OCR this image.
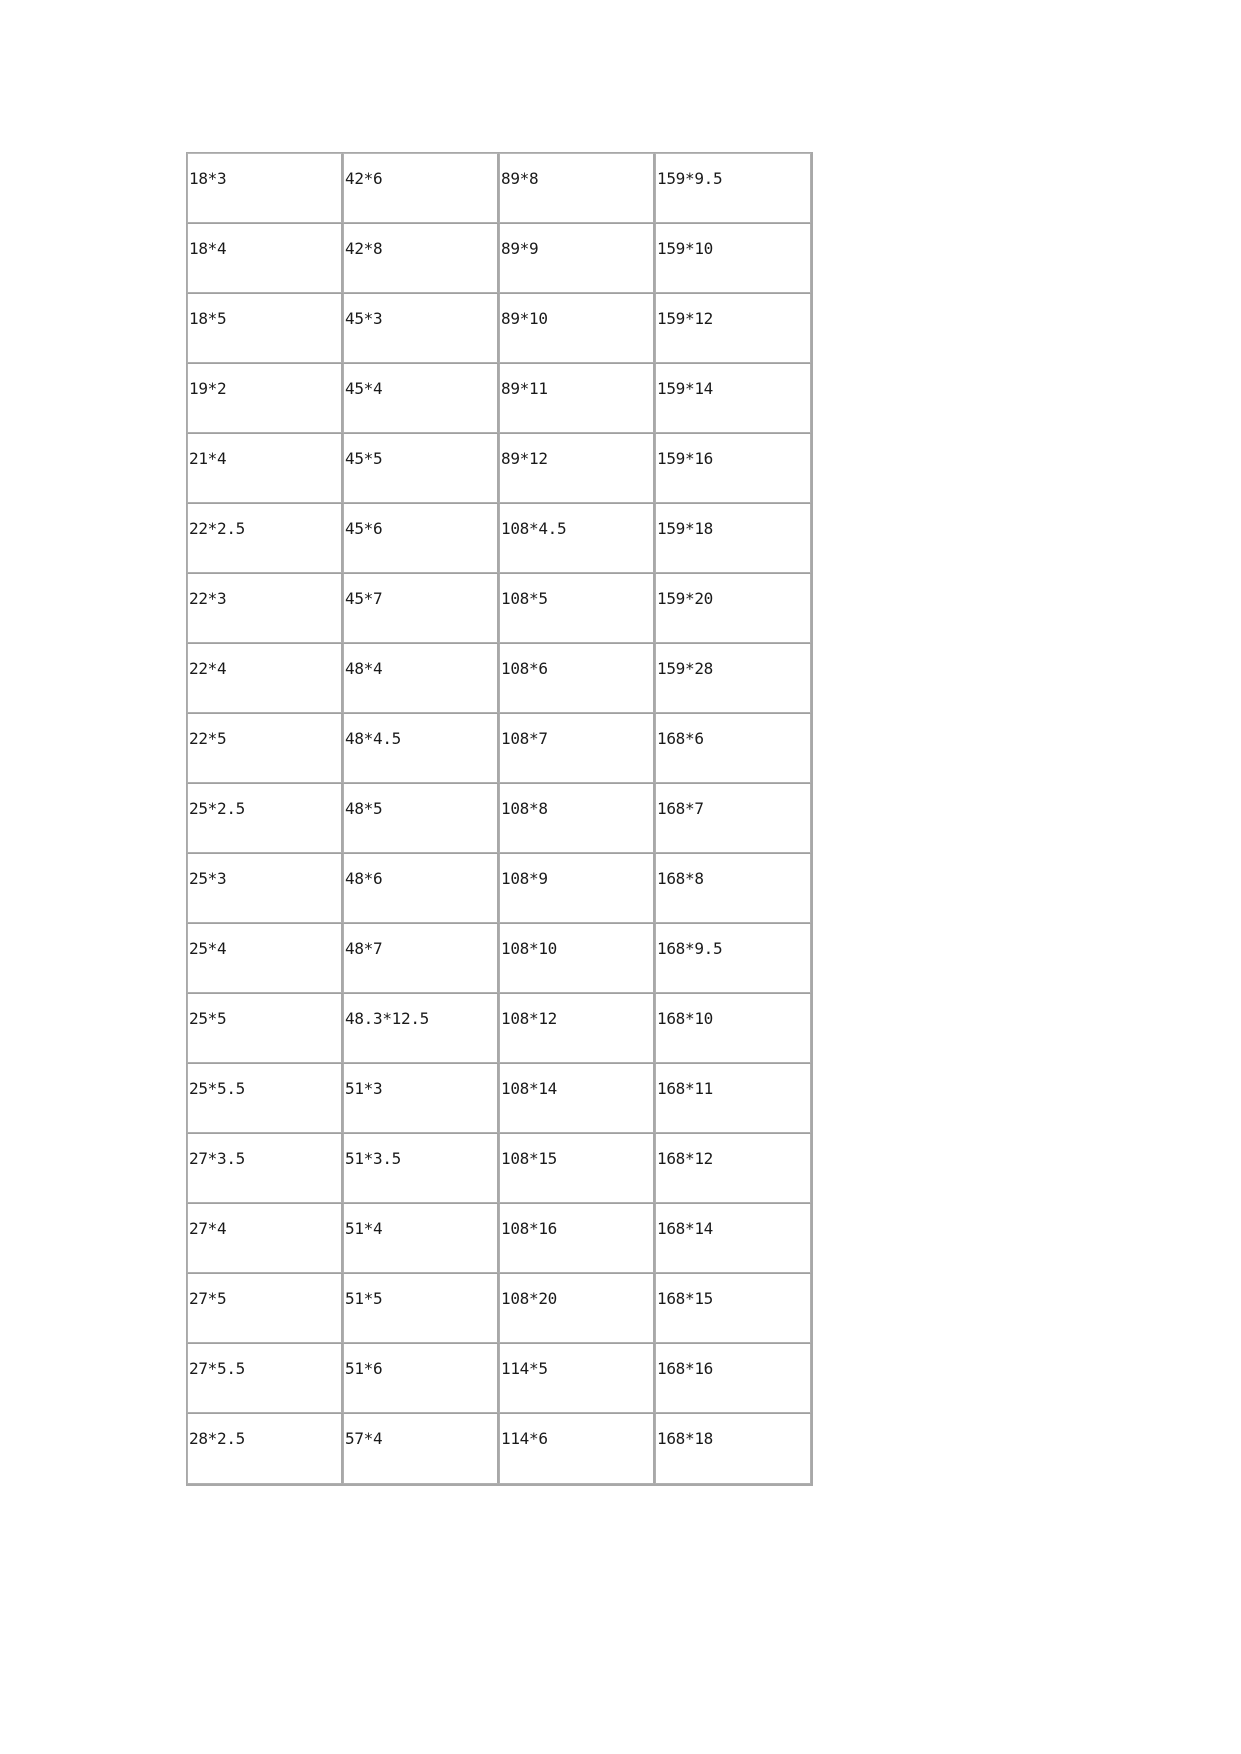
18*3	42*6	89*8	159*9.5
18*4	42*8	89*9	159*10
18*5	45*3	89*10	159*12
19*2	45*4	89*11	159*14
21*4	45*5	89*12	159*16
22*2.5	45*6	108*4.5	159*18
22*3	45*7	108*5	159*20
22*4	48*4	108*6	159*28
22*5	48*4.5	108*7	168*6
25*2.5	48*5	108*8	168*7
25*3	48*6	108*9	168*8
25*4	48*7	108*10	168*9.5
25*5	48.3*12.5	108*12	168*10
25*5.5	51*3	108*14	168*11
27*3.5	51*3.5	108*15	168*12
27*4	51*4	108*16	168*14
27*5	51*5	108*20	168*15
27*5.5	51*6	114*5	168*16
28*2.5	57*4	114*6	168*18
